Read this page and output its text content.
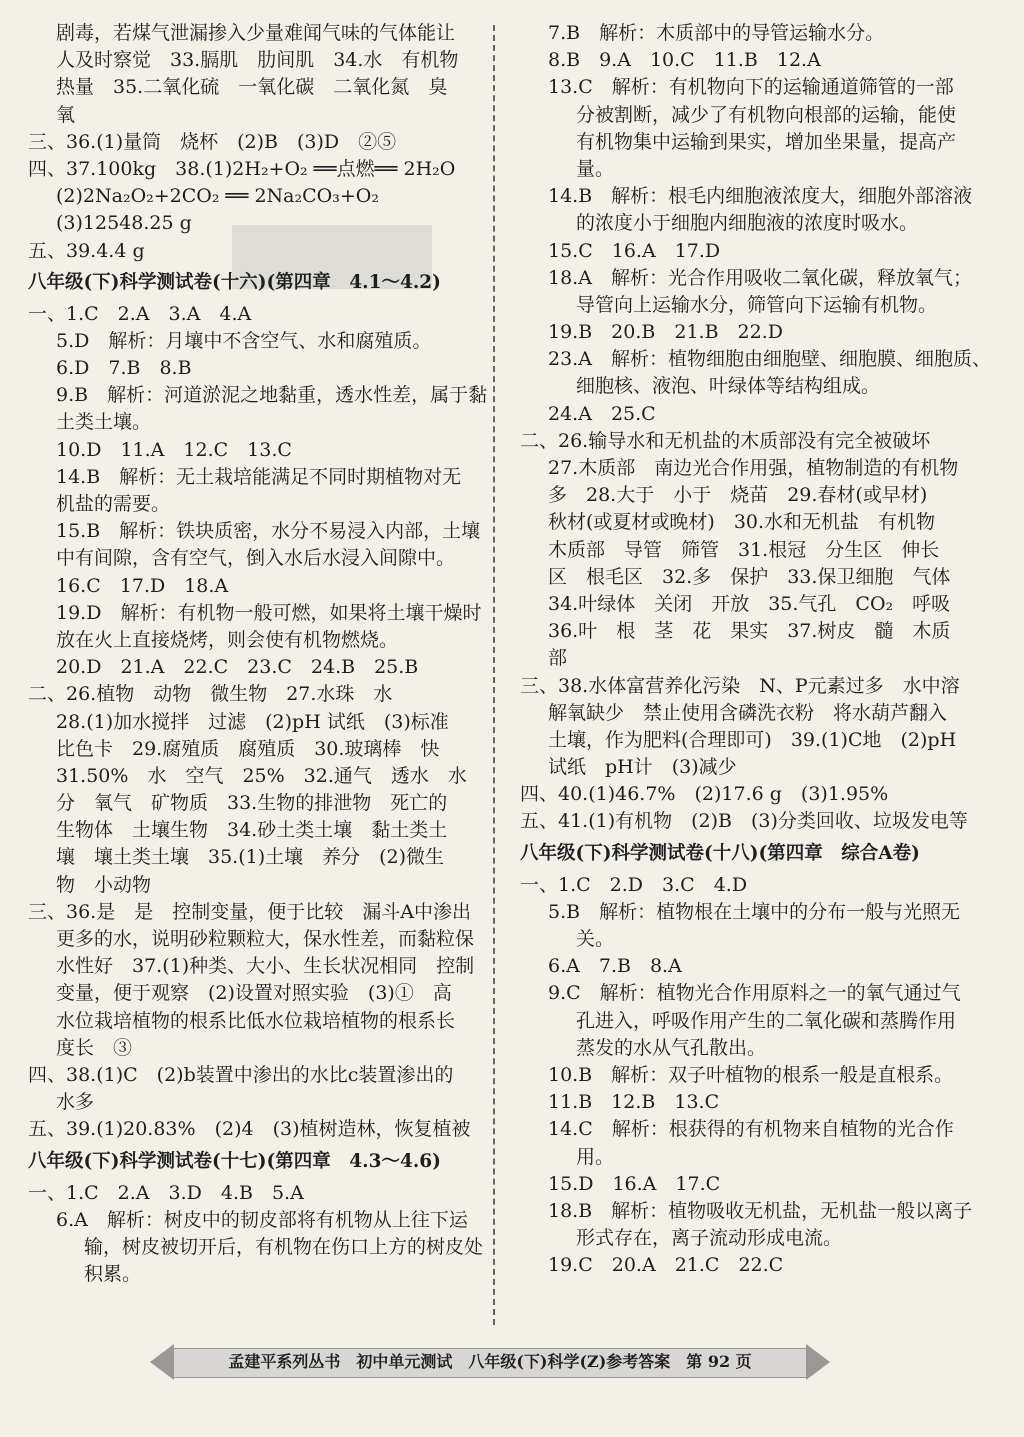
剧毒，若煤气泄漏掺入少量难闻气味的气体能让
人及时察觉　33.膈肌　肋间肌　34.水　有机物
热量　35.二氧化硫　一氧化碳　二氧化氮　臭
氧
三、36.(1)量筒　烧杯　(2)B　(3)D　②⑤
四、37.100kg　38.(1)2H₂+O₂ ══点燃══ 2H₂O
(2)2Na₂O₂+2CO₂ ══ 2Na₂CO₃+O₂
(3)12548.25 g
五、39.4.4 g
八年级(下)科学测试卷(十六)(第四章　4.1～4.2)
一、1.C　2.A　3.A　4.A
5.D　解析：月壤中不含空气、水和腐殖质。
6.D　7.B　8.B
9.B　解析：河道淤泥之地黏重，透水性差，属于黏
土类土壤。
10.D　11.A　12.C　13.C
14.B　解析：无土栽培能满足不同时期植物对无
机盐的需要。
15.B　解析：铁块质密，水分不易浸入内部，土壤
中有间隙，含有空气，倒入水后水浸入间隙中。
16.C　17.D　18.A
19.D　解析：有机物一般可燃，如果将土壤干燥时
放在火上直接烧烤，则会使有机物燃烧。
20.D　21.A　22.C　23.C　24.B　25.B
二、26.植物　动物　微生物　27.水珠　水
28.(1)加水搅拌　过滤　(2)pH 试纸　(3)标准
比色卡　29.腐殖质　腐殖质　30.玻璃棒　快
31.50%　水　空气　25%　32.通气　透水　水
分　氧气　矿物质　33.生物的排泄物　死亡的
生物体　土壤生物　34.砂土类土壤　黏土类土
壤　壤土类土壤　35.(1)土壤　养分　(2)微生
物　小动物
三、36.是　是　控制变量，便于比较　漏斗A中渗出
更多的水，说明砂粒颗粒大，保水性差，而黏粒保
水性好　37.(1)种类、大小、生长状况相同　控制
变量，便于观察　(2)设置对照实验　(3)①　高
水位栽培植物的根系比低水位栽培植物的根系长
度长　③
四、38.(1)C　(2)b装置中渗出的水比c装置渗出的
水多
五、39.(1)20.83%　(2)4　(3)植树造林，恢复植被
八年级(下)科学测试卷(十七)(第四章　4.3～4.6)
一、1.C　2.A　3.D　4.B　5.A
6.A　解析：树皮中的韧皮部将有机物从上往下运
输，树皮被切开后，有机物在伤口上方的树皮处
积累。
7.B　解析：木质部中的导管运输水分。
8.B　9.A　10.C　11.B　12.A
13.C　解析：有机物向下的运输通道筛管的一部
分被割断，减少了有机物向根部的运输，能使
有机物集中运输到果实，增加坐果量，提高产
量。
14.B　解析：根毛内细胞液浓度大，细胞外部溶液
的浓度小于细胞内细胞液的浓度时吸水。
15.C　16.A　17.D
18.A　解析：光合作用吸收二氧化碳，释放氧气；
导管向上运输水分，筛管向下运输有机物。
19.B　20.B　21.B　22.D
23.A　解析：植物细胞由细胞壁、细胞膜、细胞质、
细胞核、液泡、叶绿体等结构组成。
24.A　25.C
二、26.输导水和无机盐的木质部没有完全被破坏
27.木质部　南边光合作用强，植物制造的有机物
多　28.大于　小于　烧苗　29.春材(或早材)
秋材(或夏材或晚材)　30.水和无机盐　有机物
木质部　导管　筛管　31.根冠　分生区　伸长
区　根毛区　32.多　保护　33.保卫细胞　气体
34.叶绿体　关闭　开放　35.气孔　CO₂　呼吸
36.叶　根　茎　花　果实　37.树皮　髓　木质
部
三、38.水体富营养化污染　N、P元素过多　水中溶
解氧缺少　禁止使用含磷洗衣粉　将水葫芦翻入
土壤，作为肥料(合理即可)　39.(1)C地　(2)pH
试纸　pH计　(3)减少
四、40.(1)46.7%　(2)17.6 g　(3)1.95%
五、41.(1)有机物　(2)B　(3)分类回收、垃圾发电等
八年级(下)科学测试卷(十八)(第四章　综合A卷)
一、1.C　2.D　3.C　4.D
5.B　解析：植物根在土壤中的分布一般与光照无
关。
6.A　7.B　8.A
9.C　解析：植物光合作用原料之一的氧气通过气
孔进入，呼吸作用产生的二氧化碳和蒸腾作用
蒸发的水从气孔散出。
10.B　解析：双子叶植物的根系一般是直根系。
11.B　12.B　13.C
14.C　解析：根获得的有机物来自植物的光合作
用。
15.D　16.A　17.C
18.B　解析：植物吸收无机盐，无机盐一般以离子
形式存在，离子流动形成电流。
19.C　20.A　21.C　22.C
孟建平系列丛书　初中单元测试　八年级(下)科学(Z)参考答案　第 92 页
